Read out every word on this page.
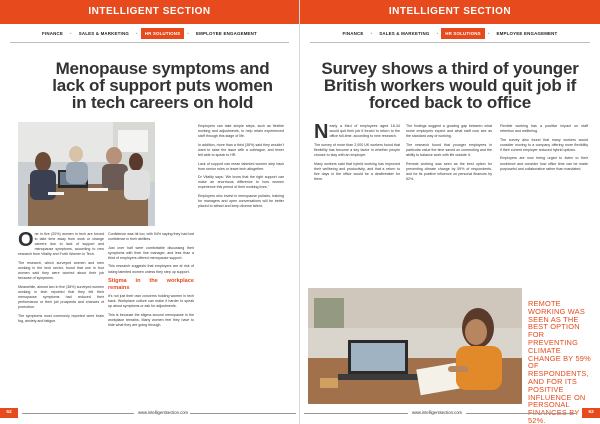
INTELLIGENT SECTION
FINANCE	•	SALES & MARKETING	•	HR SOLUTIONS	•	EMPLOYEE ENGAGEMENT
Menopause symptoms and lack of support puts women in tech careers on hold

One in five (20%) women in tech are forced to take time away from work or change careers due to lack of support and menopause symptoms, according to new research from Vitality and Forth Women in Tech.

The research, which surveyed women and men working in the tech sector, found that one in four women said they were worried about their job because of symptoms.

Meanwhile, almost two in five (38%) surveyed women working in tech reported that they felt their menopause symptoms had reduced their performance or their job prospects and chances of promotion.

The symptoms most commonly reported were brain fog, anxiety and fatigue.

Confidence was hit too, with 54% saying they had lost confidence in their abilities.

Just over half were comfortable discussing their symptoms with their line manager, and less than a third of employers offered menopause support.

This research suggests that employers are at risk of losing talented women unless they step up support.

Stigma in the workplace remains

It's not just their own concerns holding women in tech back. Workplace culture can make it harder to speak up about symptoms or ask for adjustments.

This is because the stigma around menopause in the workplace remains. Many women feel they have to hide what they are going through.

Employers can take simple steps, such as flexible working and adjustments, to help retain experienced staff through this stage of life.

In addition, more than a third (38%) said they wouldn't want to raise the issue with a colleague, and fewer felt able to speak to HR.

Lack of support can mean talented women step back from senior roles or leave tech altogether.

Dr Vitality says: 'We know that the right support can make an enormous difference to how women experience this period of their working lives.'

Employers who invest in menopause policies, training for managers and open conversations will be better placed to attract and keep diverse talent.

52	www.intelligentsection.com
INTELLIGENT SECTION
FINANCE	•	SALES & MARKETING	•	HR SOLUTIONS	•	EMPLOYEE ENGAGEMENT
Survey shows a third of younger British workers would quit job if forced back to office

Nearly a third of employees aged 18-34 would quit their job if forced to return to the office full-time, according to new research.

The survey of more than 2,000 UK workers found that flexibility has become a key factor in whether people choose to stay with an employer.

Many workers said that hybrid working has improved their wellbeing and productivity, and that a return to five days in the office would be a dealbreaker for them.

The findings suggest a growing gap between what some employers expect and what staff now see as the standard way of working.

The research found that younger employees in particular value the time saved on commuting and the ability to balance work with life outside it.

Remote working was seen as the best option for preventing climate change by 59% of respondents, and for its positive influence on personal finances by 52%.

Flexible working has a positive impact on staff retention and wellbeing.

The survey also found that many workers would consider moving to a company offering more flexibility if their current employer reduced hybrid options.

Employers are now being urged to listen to their workforce and consider how office time can be made purposeful and collaborative rather than mandated.

REMOTE WORKING WAS SEEN AS THE BEST OPTION FOR PREVENTING CLIMATE CHANGE BY 59% OF RESPONDENTS, AND FOR ITS POSITIVE INFLUENCE ON PERSONAL FINANCES BY 52%.
www.intelligentsection.com	53
